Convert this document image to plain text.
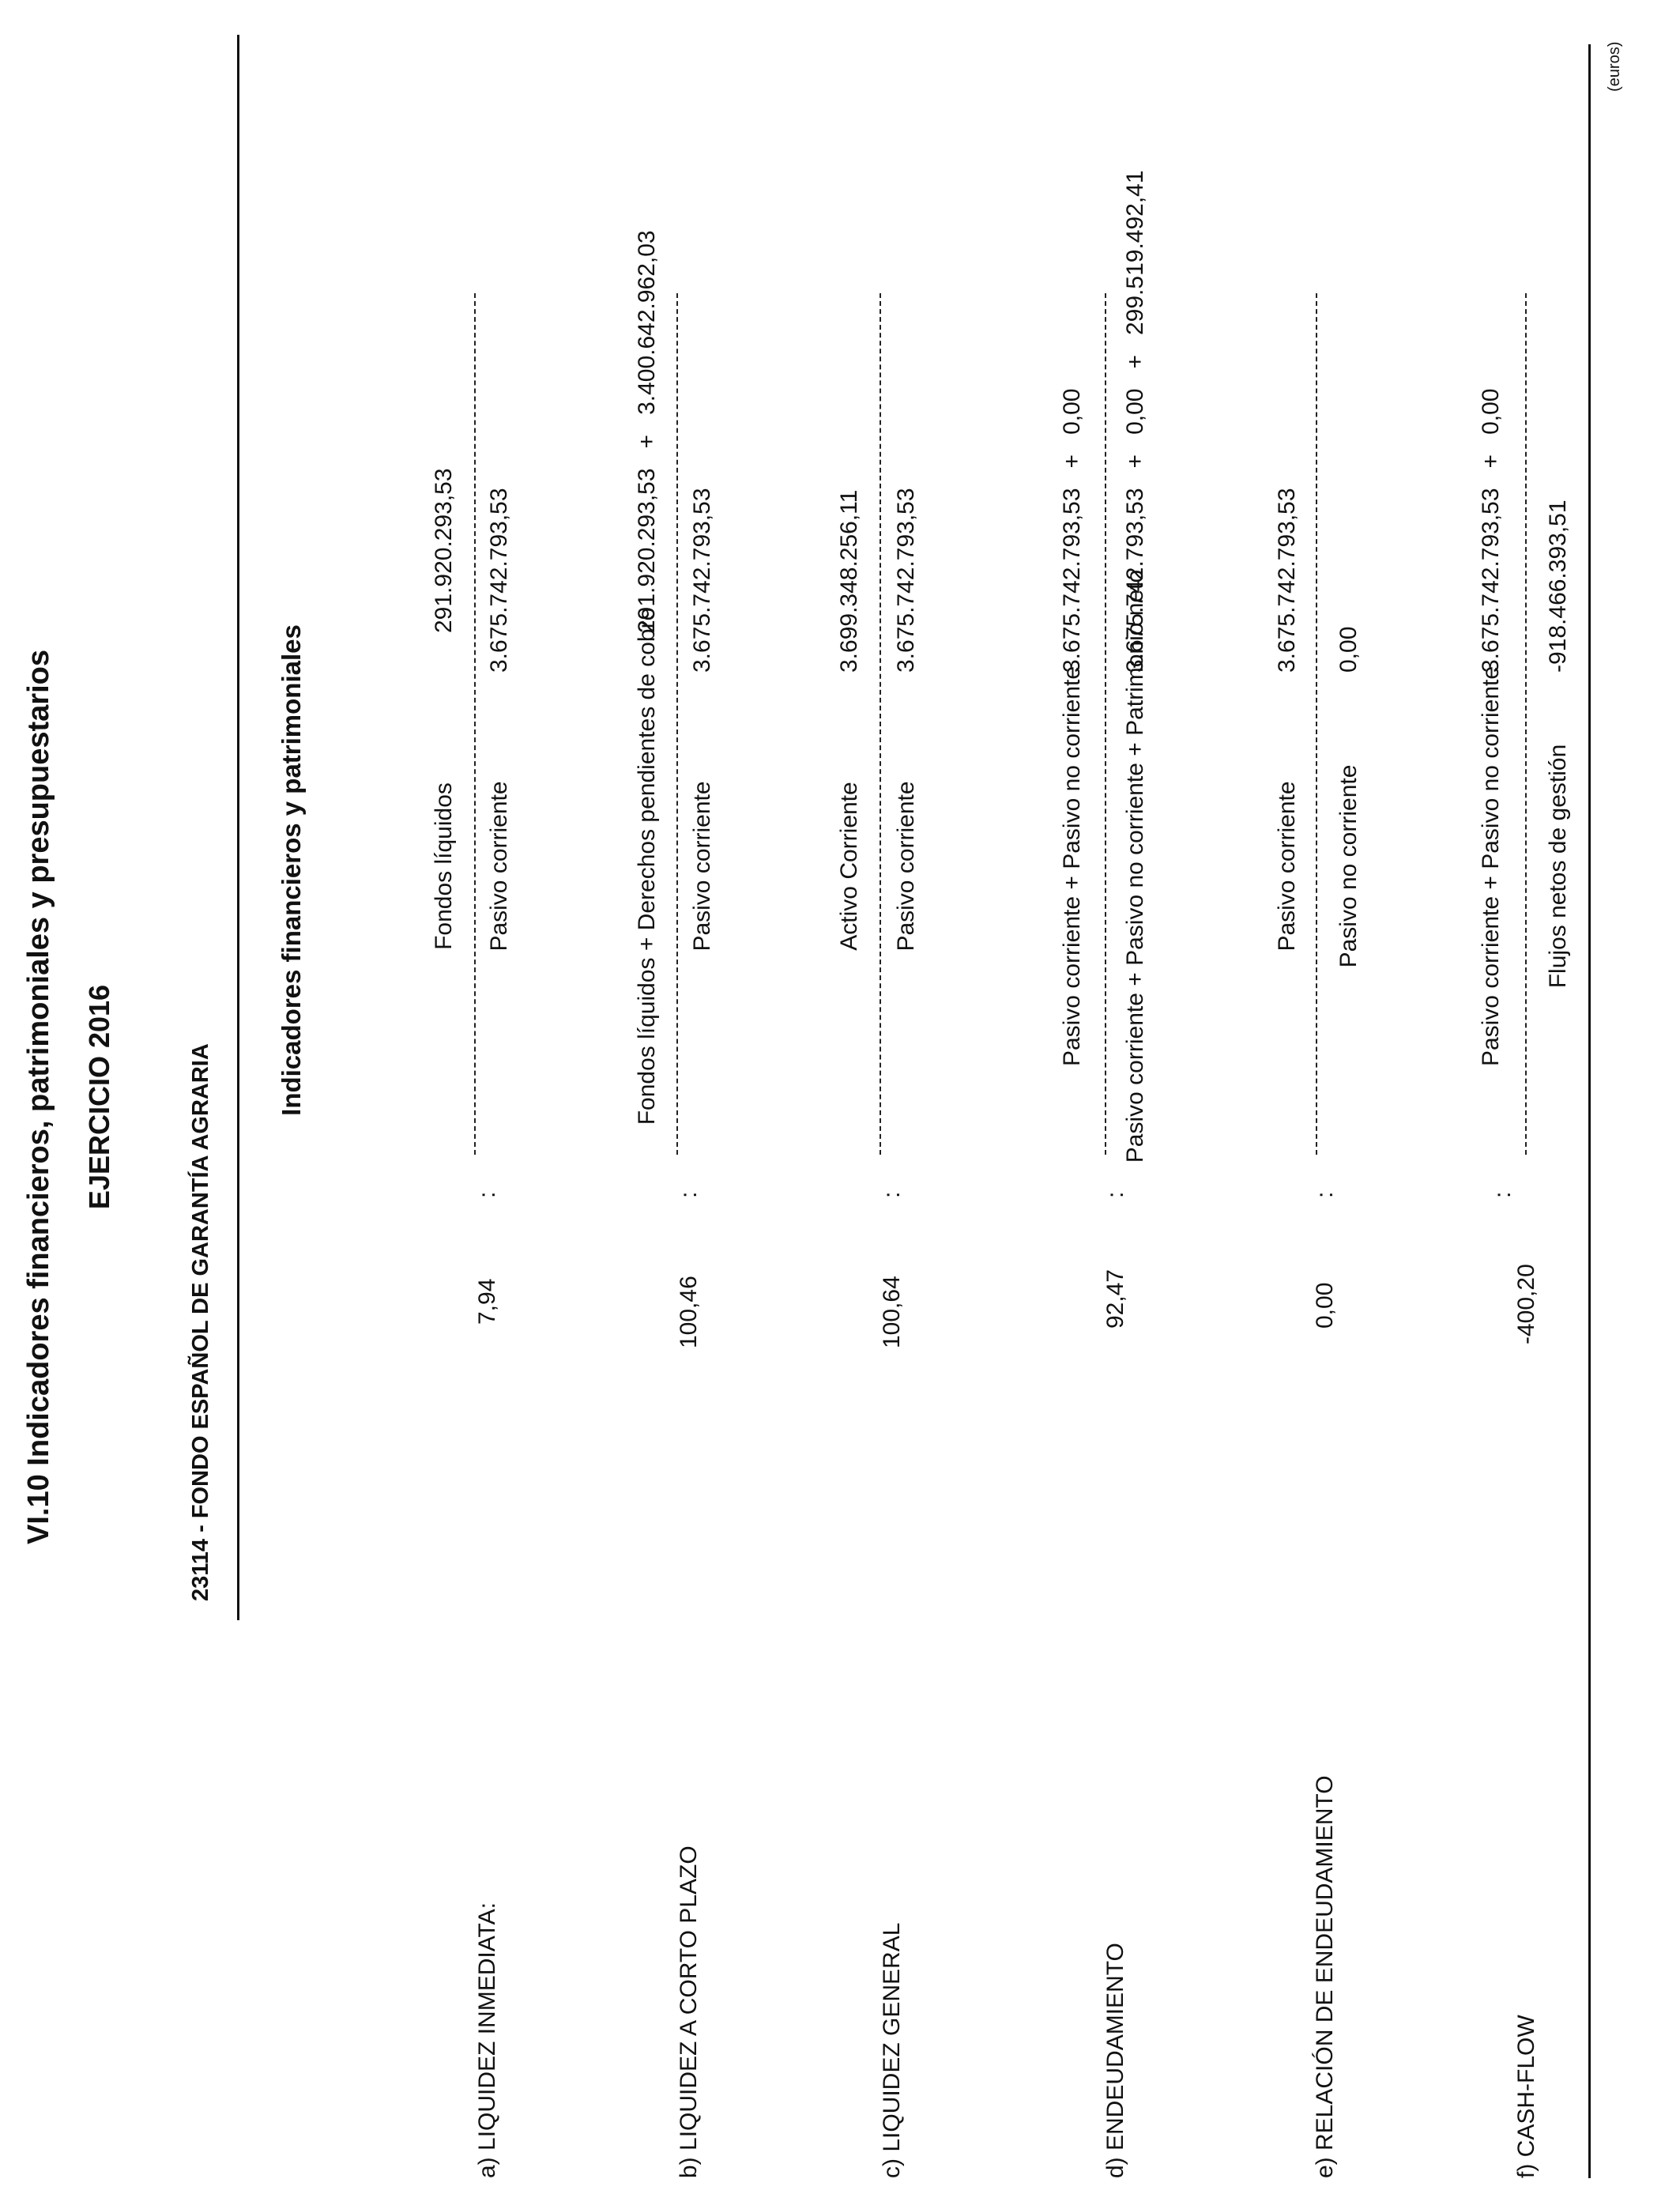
VI.10 Indicadores financieros, patrimoniales y presupuestarios EJERCICIO 2016	23114 - FONDO ESPAÑOL DE GARANTÍA AGRARIA
Indicadores financieros y patrimoniales
(euros)
a) LIQUIDEZ INMEDIATA:
7,94
:
Fondos líquidos Pasivo corriente
291.920.293,53 3.675.742.793,53
b) LIQUIDEZ A CORTO PLAZO
100,46
:
Fondos líquidos + Derechos pendientes de cobro Pasivo corriente
291.920.293,53   +   3.400.642.962,03 3.675.742.793,53
c) LIQUIDEZ GENERAL
100,64
:
Activo Corriente Pasivo corriente
3.699.348.256,11 3.675.742.793,53
d) ENDEUDAMIENTO
92,47
:
Pasivo corriente + Pasivo no corriente Pasivo corriente + Pasivo no corriente + Patrimonio neto
3.675.742.793,53   +   0,00 3.675.742.793,53   +   0,00   +   299.519.492,41
e) RELACIÓN DE ENDEUDAMIENTO
0,00
:
Pasivo corriente Pasivo no corriente
3.675.742.793,53 0,00
f) CASH-FLOW
-400,20
:
Pasivo corriente + Pasivo no corriente Flujos netos de gestión
3.675.742.793,53   +   0,00 -918.466.393,51
